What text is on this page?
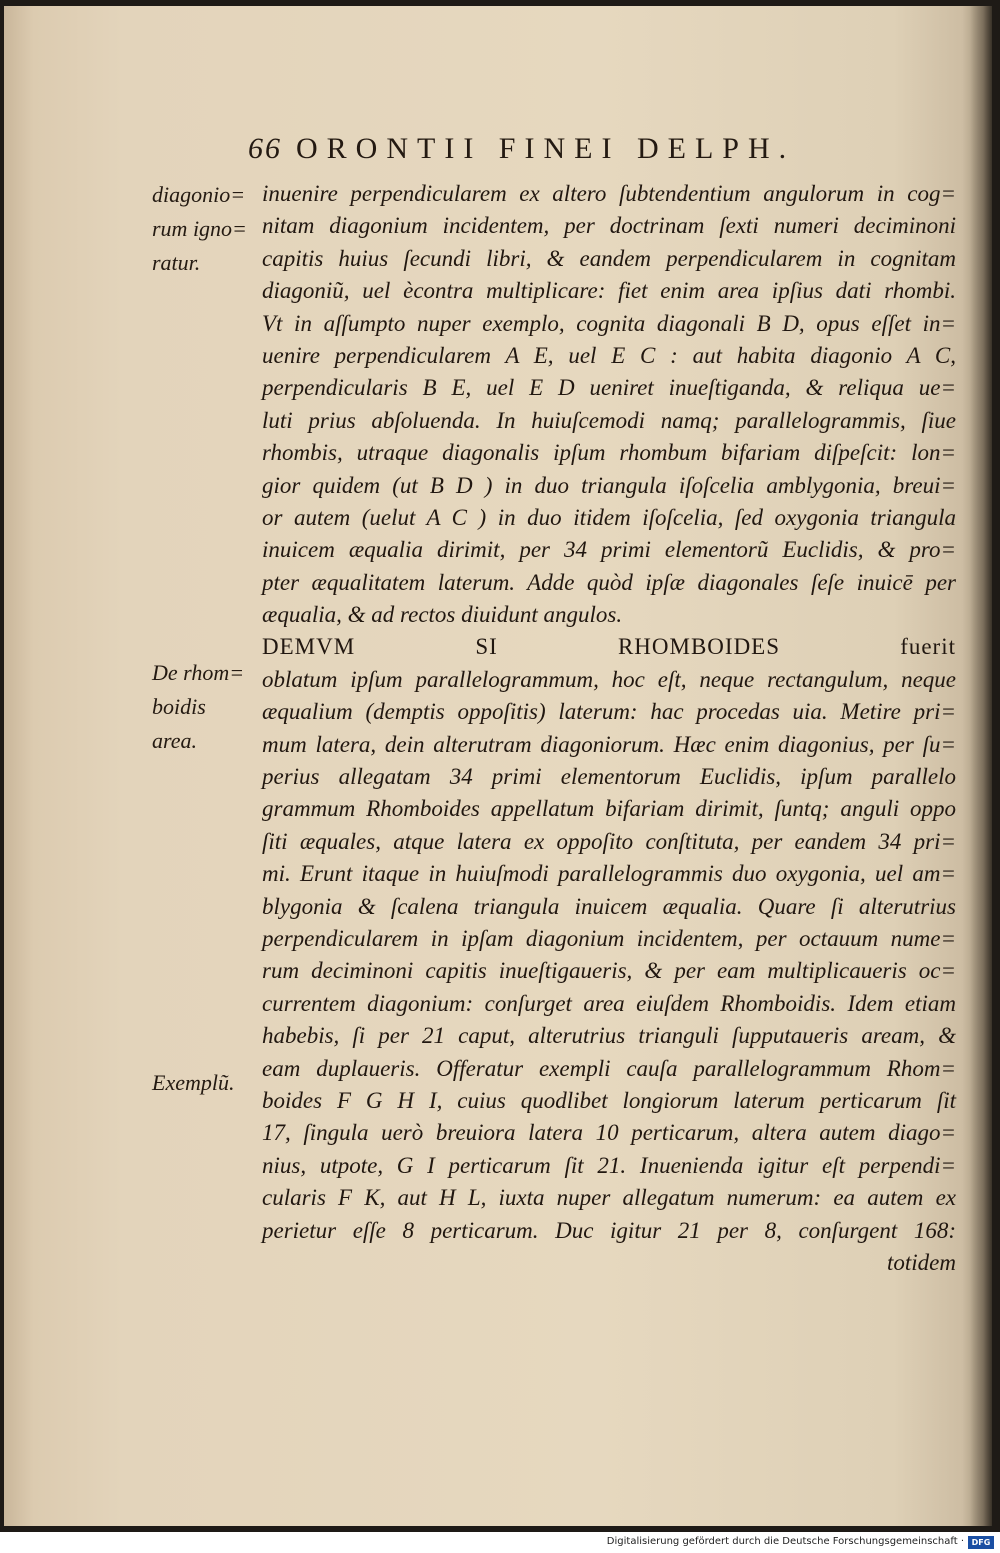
66 ORONTII FINEI DELPH.
diagonio=
rum igno=
ratur.
De rhom=
boidis
area.
Exemplũ.
inuenire perpendicularem ex altero ſubtendentium angulorum in cog=
nitam diagonium incidentem, per doctrinam ſexti numeri deciminoni
capitis huius ſecundi libri, & eandem perpendicularem in cognitam
diagoniũ, uel ècontra multiplicare: fiet enim area ipſius dati rhombi.
Vt in aſſumpto nuper exemplo, cognita diagonali B D, opus eſſet in=
uenire perpendicularem A E, uel E C : aut habita diagonio A C,
perpendicularis B E, uel E D ueniret inueſtiganda, & reliqua ue=
luti prius abſoluenda. In huiuſcemodi namq; parallelogrammis, ſiue
rhombis, utraque diagonalis ipſum rhombum bifariam diſpeſcit: lon=
gior quidem (ut B D ) in duo triangula iſoſcelia amblygonia, breui=
or autem (uelut A C ) in duo itidem iſoſcelia, ſed oxygonia triangula
inuicem æqualia dirimit, per 34 primi elementorũ Euclidis, & pro=
pter æqualitatem laterum. Adde quòd ipſæ diagonales ſeſe inuicē per
æqualia, & ad rectos diuidunt angulos.
DEMVM SI RHOMBOIDES fuerit
oblatum ipſum parallelogrammum, hoc eſt, neque rectangulum, neque
æqualium (demptis oppoſitis) laterum: hac procedas uia. Metire pri=
mum latera, dein alterutram diagoniorum. Hæc enim diagonius, per ſu=
perius allegatam 34 primi elementorum Euclidis, ipſum parallelo
grammum Rhomboides appellatum bifariam dirimit, ſuntq; anguli oppo
ſiti æquales, atque latera ex oppoſito conſtituta, per eandem 34 pri=
mi. Erunt itaque in huiuſmodi parallelogrammis duo oxygonia, uel am=
blygonia & ſcalena triangula inuicem æqualia. Quare ſi alterutrius
perpendicularem in ipſam diagonium incidentem, per octauum nume=
rum deciminoni capitis inueſtigaueris, & per eam multiplicaueris oc=
currentem diagonium: conſurget area eiuſdem Rhomboidis. Idem etiam
habebis, ſi per 21 caput, alterutrius trianguli ſupputaueris aream, &
eam duplaueris. Offeratur exempli cauſa parallelogrammum Rhom=
boides F G H I, cuius quodlibet longiorum laterum perticarum ſit
17, ſingula uerò breuiora latera 10 perticarum, altera autem diago=
nius, utpote, G I perticarum ſit 21. Inuenienda igitur eſt perpendi=
cularis F K, aut H L, iuxta nuper allegatum numerum: ea autem ex
perietur eſſe 8 perticarum. Duc igitur 21 per 8, conſurgent 168:
totidem
Digitalisierung gefördert durch die Deutsche Forschungsgemeinschaft · DFG
